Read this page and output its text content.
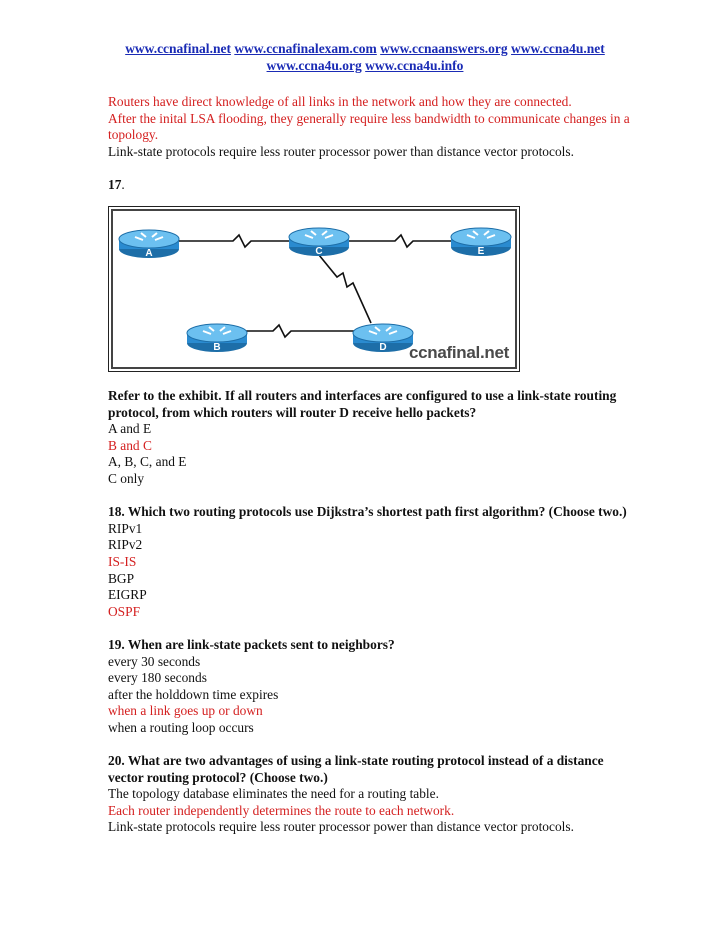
www.ccnafinal.net www.ccnafinalexam.com www.ccnaanswers.org www.ccna4u.net
www.ccna4u.org www.ccna4u.info

Routers have direct knowledge of all links in the network and how they are connected.

After the inital LSA flooding, they generally require less bandwidth to communicate changes in a topology.

Link-state protocols require less router processor power than distance vector protocols.

17.

A	C	E
B	D ccnafinal.net

Refer to the exhibit. If all routers and interfaces are configured to use a link-state routing protocol, from which routers will router D receive hello packets?

A and E

B and C

A, B, C, and E

C only

18. Which two routing protocols use Dijkstra’s shortest path first algorithm? (Choose two.)

RIPv1

RIPv2

IS-IS

BGP

EIGRP

OSPF

19. When are link-state packets sent to neighbors?

every 30 seconds

every 180 seconds

after the holddown time expires

when a link goes up or down

when a routing loop occurs

20. What are two advantages of using a link-state routing protocol instead of a distance vector routing protocol? (Choose two.)

The topology database eliminates the need for a routing table.

Each router independently determines the route to each network.

Link-state protocols require less router processor power than distance vector protocols.
